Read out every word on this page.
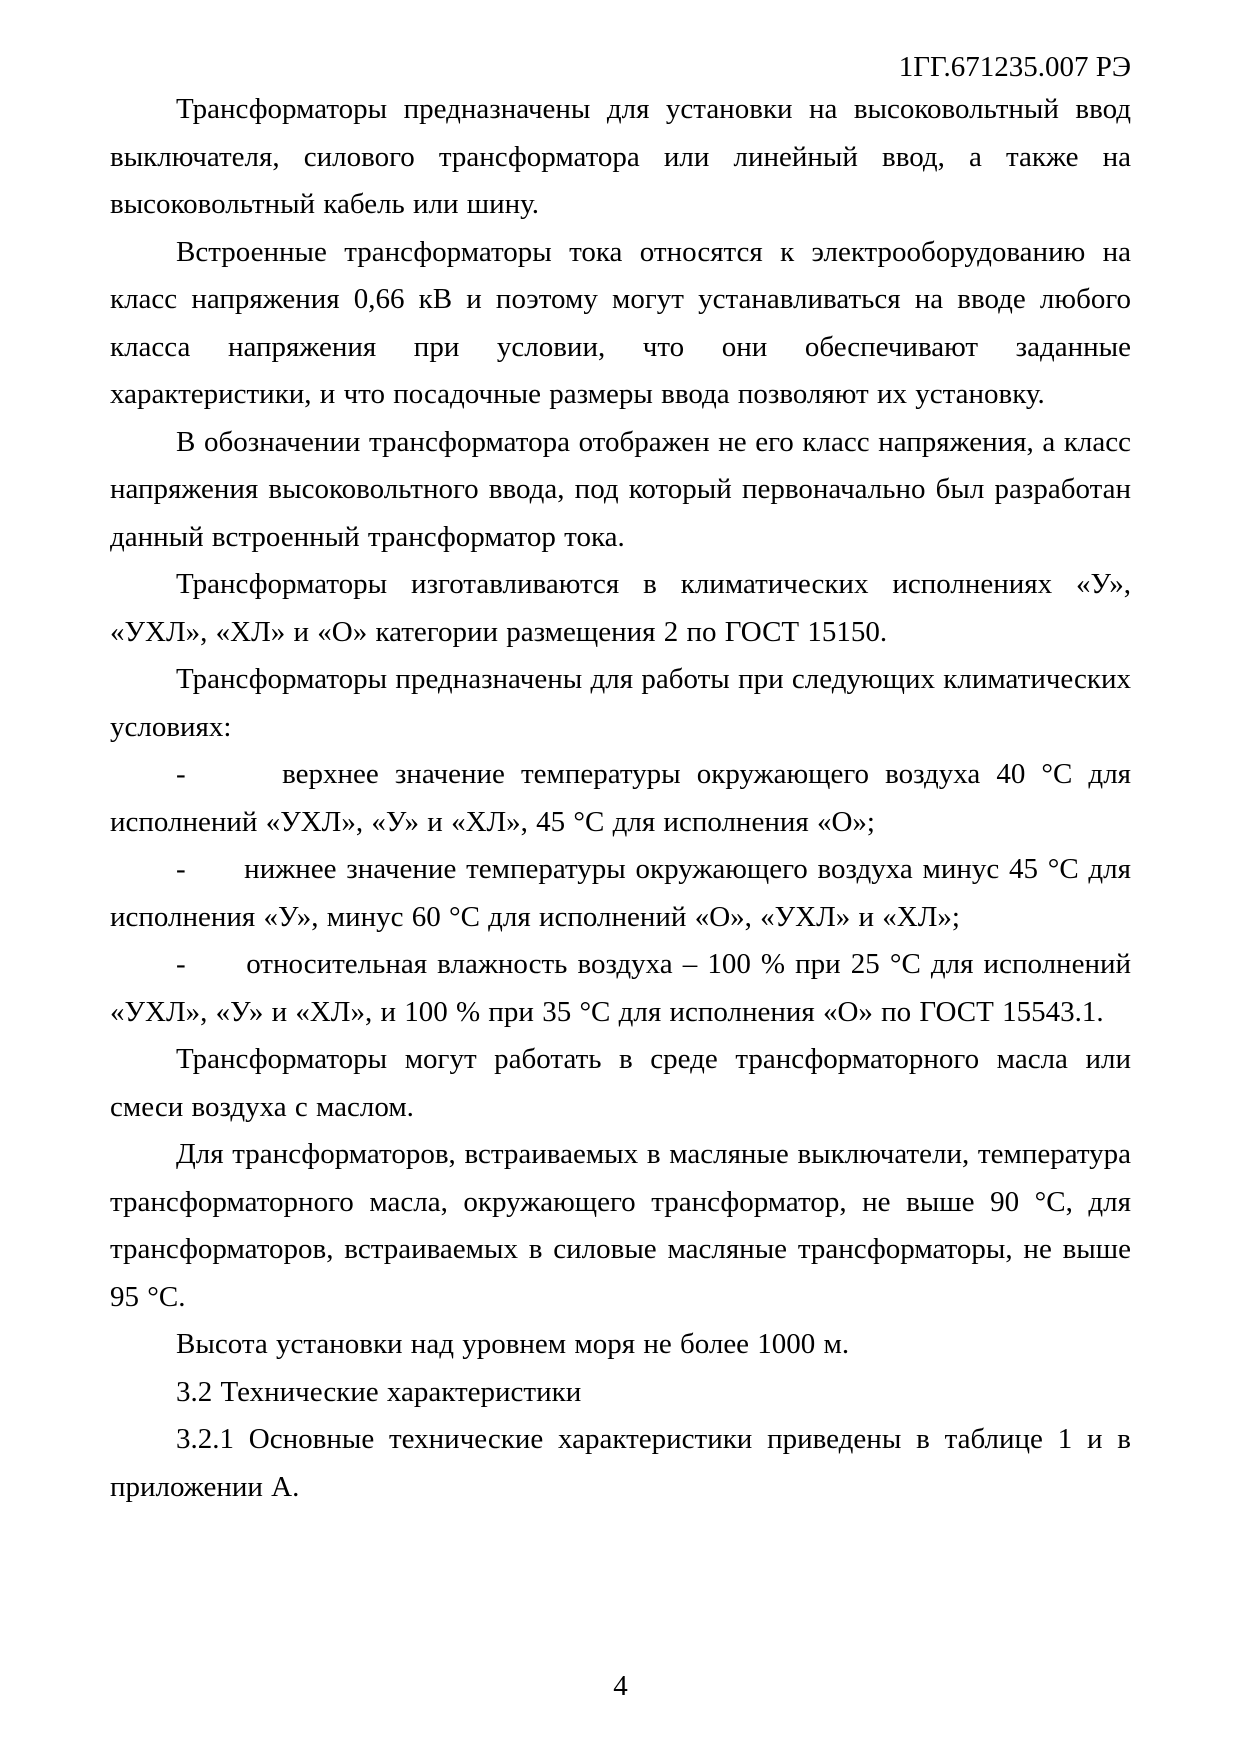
1ГГ.671235.007 РЭ

Трансформаторы предназначены для установки на высоковольтный ввод выключателя, силового трансформатора или линейный ввод, а также на высоковольтный кабель или шину.

Встроенные трансформаторы тока относятся к электрооборудованию на класс напряжения 0,66 кВ и поэтому могут устанавливаться на вводе любого класса напряжения при условии, что они обеспечивают заданные характеристики, и что посадочные размеры ввода позволяют их установку.

В обозначении трансформатора отображен не его класс напряжения, а класс напряжения высоковольтного ввода, под который первоначально был разработан данный встроенный трансформатор тока.

Трансформаторы изготавливаются в климатических исполнениях «У», «УХЛ», «ХЛ» и «О» категории размещения 2 по ГОСТ 15150.

Трансформаторы предназначены для работы при следующих климатических условиях:

-      верхнее значение температуры окружающего воздуха 40 °С для исполнений «УХЛ», «У» и «ХЛ», 45 °С для исполнения «О»;

-      нижнее значение температуры окружающего воздуха минус 45 °С для исполнения «У», минус 60 °С для исполнений «О», «УХЛ» и «ХЛ»;

-      относительная влажность воздуха – 100 % при 25 °С для исполнений «УХЛ», «У» и «ХЛ», и 100 % при 35 °С для исполнения «О» по ГОСТ 15543.1.

Трансформаторы могут работать в среде трансформаторного масла или смеси воздуха с маслом.

Для трансформаторов, встраиваемых в масляные выключатели, температура трансформаторного масла, окружающего трансформатор, не выше 90 °С, для трансформаторов, встраиваемых в силовые масляные трансформаторы, не выше 95 °С.

Высота установки над уровнем моря не более 1000 м.

3.2 Технические характеристики

3.2.1 Основные технические характеристики приведены в таблице 1 и в приложении А.

4
